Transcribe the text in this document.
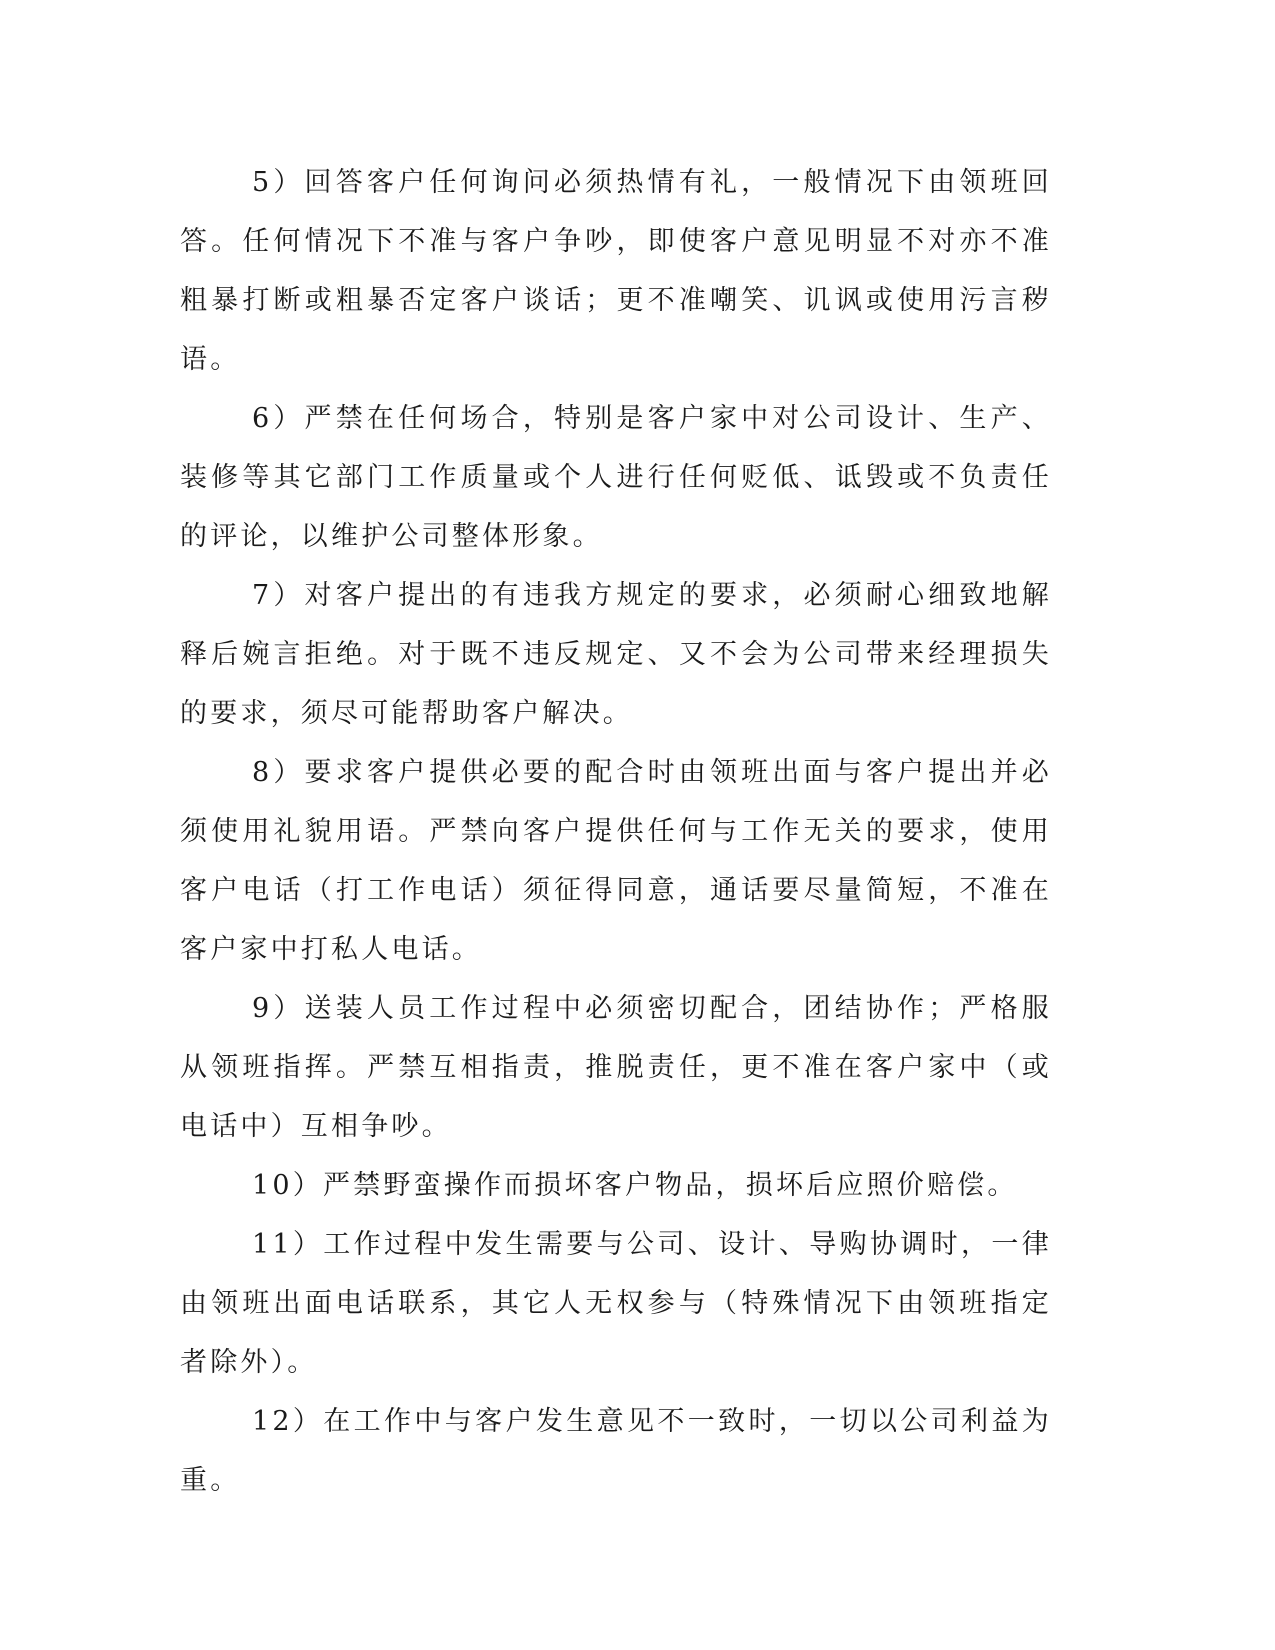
5）回答客户任何询问必须热情有礼，一般情况下由领班回答。任何情况下不准与客户争吵，即使客户意见明显不对亦不准粗暴打断或粗暴否定客户谈话；更不准嘲笑、讥讽或使用污言秽语。

6）严禁在任何场合，特别是客户家中对公司设计、生产、装修等其它部门工作质量或个人进行任何贬低、诋毁或不负责任的评论，以维护公司整体形象。

7）对客户提出的有违我方规定的要求，必须耐心细致地解释后婉言拒绝。对于既不违反规定、又不会为公司带来经理损失的要求，须尽可能帮助客户解决。

8）要求客户提供必要的配合时由领班出面与客户提出并必须使用礼貌用语。严禁向客户提供任何与工作无关的要求，使用客户电话（打工作电话）须征得同意，通话要尽量简短，不准在客户家中打私人电话。

9）送装人员工作过程中必须密切配合，团结协作；严格服从领班指挥。严禁互相指责，推脱责任，更不准在客户家中（或电话中）互相争吵。

10）严禁野蛮操作而损坏客户物品，损坏后应照价赔偿。

11）工作过程中发生需要与公司、设计、导购协调时，一律由领班出面电话联系，其它人无权参与（特殊情况下由领班指定者除外）。

12）在工作中与客户发生意见不一致时，一切以公司利益为重。
